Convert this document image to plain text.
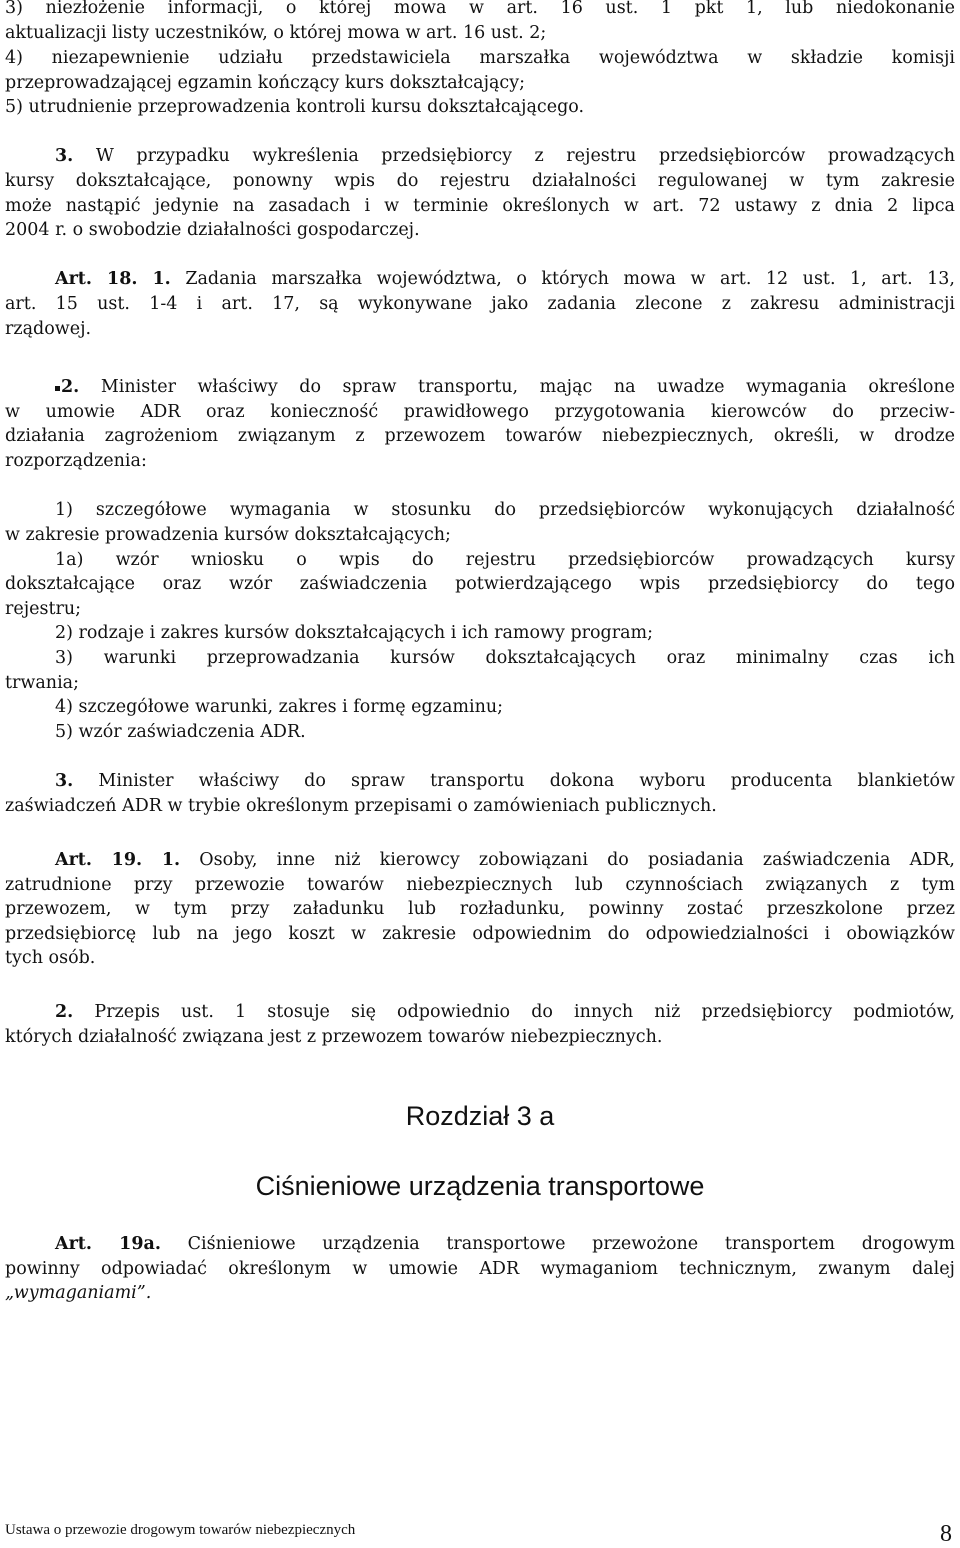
3) niezłożenie informacji, o której mowa w art. 16 ust. 1 pkt 1, lub niedokonanie
aktualizacji listy uczestników, o której mowa w art. 16 ust. 2;
4) niezapewnienie udziału przedstawiciela marszałka województwa w składzie komisji
przeprowadzającej egzamin kończący kurs dokształcający;
5) utrudnienie przeprowadzenia kontroli kursu dokształcającego.
3. W przypadku wykreślenia przedsiębiorcy z rejestru przedsiębiorców prowadzących
kursy dokształcające, ponowny wpis do rejestru działalności regulowanej w tym zakresie
może nastąpić jedynie na zasadach i w terminie określonych w art. 72 ustawy z dnia 2 lipca
2004 r. o swobodzie działalności gospodarczej.
Art. 18. 1. Zadania marszałka województwa, o których mowa w art. 12 ust. 1, art. 13,
art. 15 ust. 1-4 i art. 17, są wykonywane jako zadania zlecone z zakresu administracji
rządowej.
2. Minister właściwy do spraw transportu, mając na uwadze wymagania określone
w umowie ADR oraz konieczność prawidłowego przygotowania kierowców do przeciw-
działania zagrożeniom związanym z przewozem towarów niebezpiecznych, określi, w drodze
rozporządzenia:
1) szczegółowe wymagania w stosunku do przedsiębiorców wykonujących działalność
w zakresie prowadzenia kursów dokształcających;
1a) wzór wniosku o wpis do rejestru przedsiębiorców prowadzących kursy
dokształcające oraz wzór zaświadczenia potwierdzającego wpis przedsiębiorcy do tego
rejestru;
2) rodzaje i zakres kursów dokształcających i ich ramowy program;
3) warunki przeprowadzania kursów dokształcających oraz minimalny czas ich
trwania;
4) szczegółowe warunki, zakres i formę egzaminu;
5) wzór zaświadczenia ADR.
3. Minister właściwy do spraw transportu dokona wyboru producenta blankietów
zaświadczeń ADR w trybie określonym przepisami o zamówieniach publicznych.
Art. 19. 1. Osoby, inne niż kierowcy zobowiązani do posiadania zaświadczenia ADR,
zatrudnione przy przewozie towarów niebezpiecznych lub czynnościach związanych z tym
przewozem, w tym przy załadunku lub rozładunku, powinny zostać przeszkolone przez
przedsiębiorcę lub na jego koszt w zakresie odpowiednim do odpowiedzialności i obowiązków
tych osób.
2. Przepis ust. 1 stosuje się odpowiednio do innych niż przedsiębiorcy podmiotów,
których działalność związana jest z przewozem towarów niebezpiecznych.
Rozdział 3 a
Ciśnieniowe urządzenia transportowe
Art. 19a. Ciśnieniowe urządzenia transportowe przewożone transportem drogowym
powinny odpowiadać określonym w umowie ADR wymaganiom technicznym, zwanym dalej
„wymaganiami”.
Ustawa o przewozie drogowym towarów niebezpiecznych	8
